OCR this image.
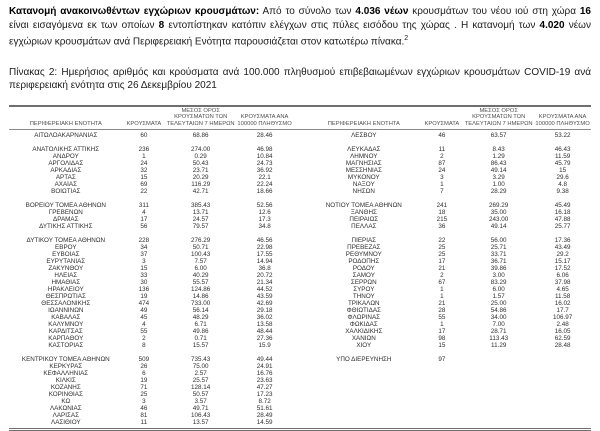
Κατανομή ανακοινωθέντων εγχώριων κρουσμάτων: Από το σύνολο των 4.036 νέων κρουσμάτων του νέου ιού στη χώρα 16 είναι εισαγόμενα εκ των οποίων 8 εντοπίστηκαν κατόπιν ελέγχων στις πύλες εισόδου της χώρας . Η κατανομή των 4.020 νέων εγχώριων κρουσμάτων ανά Περιφερειακή Ενότητα παρουσιάζεται στον κατωτέρω πίνακα.$^2$

Πίνακας 2: Ημερήσιος αριθμός και κρούσματα ανά 100.000 πληθυσμού επιβεβαιωμένων εγχώριων κρουσμάτων COVID-19 ανά περιφερειακή ενότητα στις 26 Δεκεμβρίου 2021

ΠΕΡΙΦΕΡΕΙΑΚΗ ΕΝΟΤΗΤΑ	ΚΡΟΥΣΜΑΤΑ
ΜΕΣΟΣ ΟΡΟΣ ΚΡΟΥΣΜΑΤΩΝ ΤΩΝ ΤΕΛΕΥΤΑΙΩΝ 7 ΗΜΕΡΩΝ
ΚΡΟΥΣΜΑΤΑ ΑΝΑ 100000 ΠΛΗΘΥΣΜΟ	ΠΕΡΙΦΕΡΕΙΑΚΗ ΕΝΟΤΗΤΑ	ΚΡΟΥΣΜΑΤΑ
ΜΕΣΟΣ ΟΡΟΣ ΚΡΟΥΣΜΑΤΩΝ ΤΩΝ ΤΕΛΕΥΤΑΙΩΝ 7 ΗΜΕΡΩΝ
ΚΡΟΥΣΜΑΤΑ ΑΝΑ 100000 ΠΛΗΘΥΣΜΟ
ΑΙΤΩΛΟΑΚΑΡΝΑΝΙΑΣ	60	68.86	28.46
ΑΝΑΤΟΛΙΚΗΣ ΑΤΤΙΚΗΣ	236	274.00	46.98
ΑΝΔΡΟΥ	1	0.29	10.84
ΑΡΓΟΛΙΔΑΣ	24	50.43	24.73
ΑΡΚΑΔΙΑΣ	32	23.71	36.92
ΑΡΤΑΣ	15	20.29	22.1
ΑΧΑΪΑΣ	69	116.29	22.24
ΒΟΙΩΤΙΑΣ	22	42.71	18.66
ΒΟΡΕΙΟΥ ΤΟΜΕΑ ΑΘΗΝΩΝ	311	385.43	52.56
ΓΡΕΒΕΝΩΝ	4	13.71	12.6
ΔΡΑΜΑΣ	17	24.57	17.3
ΔΥΤΙΚΗΣ ΑΤΤΙΚΗΣ	56	79.57	34.8
ΔΥΤΙΚΟΥ ΤΟΜΕΑ ΑΘΗΝΩΝ	228	276.29	46.56
ΕΒΡΟΥ	34	50.71	22.98
ΕΥΒΟΙΑΣ	37	100.43	17.55
ΕΥΡΥΤΑΝΙΑΣ	3	7.57	14.94
ΖΑΚΥΝΘΟΥ	15	6.00	36.8
ΗΛΕΙΑΣ	33	40.29	20.72
ΗΜΑΘΙΑΣ	30	55.57	21.34
ΗΡΑΚΛΕΙΟΥ	136	124.86	44.52
ΘΕΣΠΡΩΤΙΑΣ	19	14.86	43.59
ΘΕΣΣΑΛΟΝΙΚΗΣ	474	733.00	42.69
ΙΩΑΝΝΙΝΩΝ	49	56.14	29.18
ΚΑΒΑΛΑΣ	45	48.29	36.02
ΚΑΛΥΜΝΟΥ	4	6.71	13.58
ΚΑΡΔΙΤΣΑΣ	55	49.86	48.44
ΚΑΡΠΑΘΟΥ	2	0.71	27.36
ΚΑΣΤΟΡΙΑΣ	8	15.57	15.9
ΚΕΝΤΡΙΚΟΥ ΤΟΜΕΑ ΑΘΗΝΩΝ	509	735.43	49.44
ΚΕΡΚΥΡΑΣ	26	75.00	24.91
ΚΕΦΑΛΛΗΝΙΑΣ	6	2.57	16.76
ΚΙΛΚΙΣ	19	25.57	23.63
ΚΟΖΑΝΗΣ	71	128.14	47.27
ΚΟΡΙΝΘΙΑΣ	25	50.57	17.23
ΚΩ	3	3.57	8.72
ΛΑΚΩΝΙΑΣ	46	49.71	51.61
ΛΑΡΙΣΑΣ	81	106.43	28.49
ΛΑΣΙΘΙΟΥ	11	13.57	14.59
ΛΕΣΒΟΥ	46	63.57	53.22
ΛΕΥΚΑΔΑΣ	11	8.43	46.43
ΛΗΜΝΟΥ	2	1.29	11.59
ΜΑΓΝΗΣΙΑΣ	87	86.43	45.79
ΜΕΣΣΗΝΙΑΣ	24	49.14	15
ΜΥΚΟΝΟΥ	3	3.29	29.6
ΝΑΞΟΥ	1	1.00	4.8
ΝΗΣΩΝ	7	28.29	9.38
ΝΟΤΙΟΥ ΤΟΜΕΑ ΑΘΗΝΩΝ	241	269.29	45.49
ΞΑΝΘΗΣ	18	35.00	16.18
ΠΕΙΡΑΙΩΣ	215	243.00	47.88
ΠΕΛΛΑΣ	36	49.14	25.77
ΠΙΕΡΙΑΣ	22	56.00	17.36
ΠΡΕΒΕΖΑΣ	25	25.71	43.49
ΡΕΘΥΜΝΟΥ	25	33.71	29.2
ΡΟΔΟΠΗΣ	17	36.71	15.17
ΡΟΔΟΥ	21	39.86	17.52
ΣΑΜΟΥ	2	3.00	6.06
ΣΕΡΡΩΝ	67	83.29	37.98
ΣΥΡΟΥ	1	6.00	4.65
ΤΗΝΟΥ	1	1.57	11.58
ΤΡΙΚΑΛΩΝ	21	25.00	16.02
ΦΘΙΩΤΙΔΑΣ	28	54.86	17.7
ΦΛΩΡΙΝΑΣ	55	34.00	106.97
ΦΩΚΙΔΑΣ	1	7.00	2.48
ΧΑΛΚΙΔΙΚΗΣ	17	28.71	16.05
ΧΑΝΙΩΝ	98	113.43	62.59
ΧΙΟΥ	15	11.29	28.48
ΥΠΟ ΔΙΕΡΕΥΝΗΣΗ	97
